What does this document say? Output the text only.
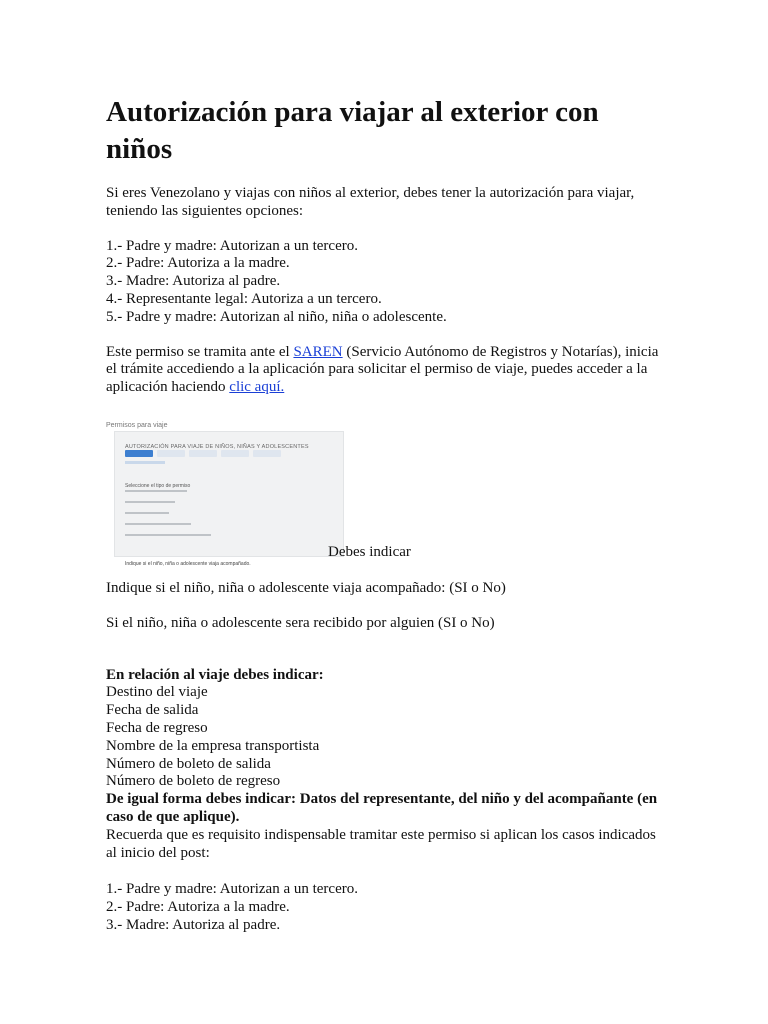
Autorización para viajar al exterior con niños

Si eres Venezolano y viajas con niños al exterior, debes tener la autorización para viajar, teniendo las siguientes opciones:

1.- Padre y madre: Autorizan a un tercero.

2.- Padre: Autoriza a la madre.

3.- Madre: Autoriza al padre.

4.- Representante legal: Autoriza a un tercero.

5.- Padre y madre: Autorizan al niño, niña o adolescente.

Este permiso se tramita ante el SAREN (Servicio Autónomo de Registros y Notarías), inicia el trámite accediendo a la aplicación para solicitar el permiso de viaje, puedes acceder a la aplicación haciendo clic aquí.

Permisos para viaje
AUTORIZACIÓN PARA VIAJE DE NIÑOS, NIÑAS Y ADOLESCENTES
Seleccione el tipo de permiso
Indique si el niño, niña o adolescente viaja acompañado.
Debes indicar

Indique si el niño, niña o adolescente viaja acompañado: (SI o No)

Si el niño, niña o adolescente sera recibido por alguien (SI o No)

En relación al viaje debes indicar:

Destino del viaje

Fecha de salida

Fecha de regreso

Nombre de la empresa transportista

Número de boleto de salida

Número de boleto de regreso

De igual forma debes indicar: Datos del representante, del niño y del acompañante (en caso de que aplique).

Recuerda que es requisito indispensable tramitar este permiso si aplican los casos indicados al inicio del post:

1.- Padre y madre: Autorizan a un tercero.

2.- Padre: Autoriza a la madre.

3.- Madre: Autoriza al padre.
